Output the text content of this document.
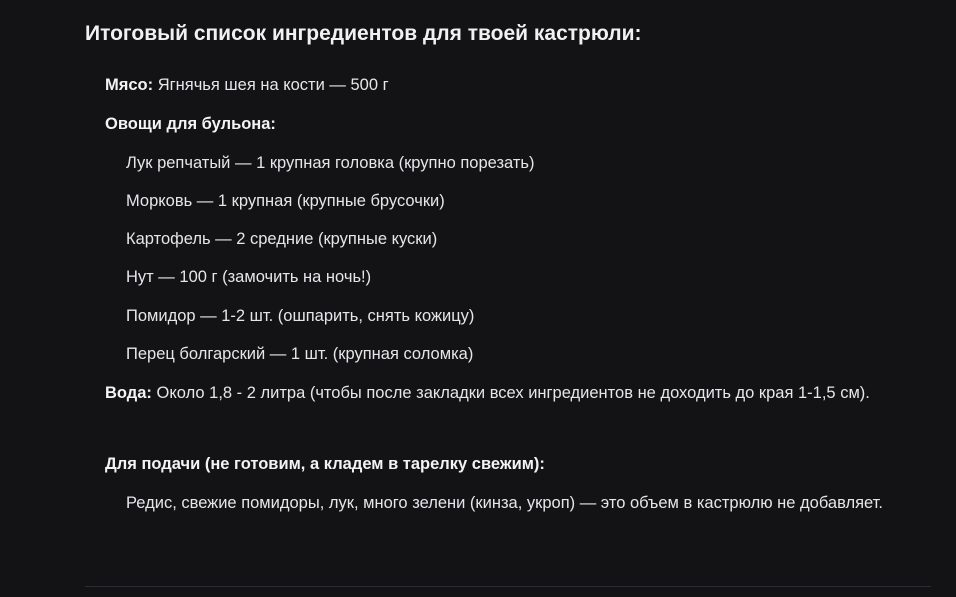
Итоговый список ингредиентов для твоей кастрюли:
Мясо: Ягнячья шея на кости — 500 г
Овощи для бульона:
Лук репчатый — 1 крупная головка (крупно порезать)
Морковь — 1 крупная (крупные брусочки)
Картофель — 2 средние (крупные куски)
Нут — 100 г (замочить на ночь!)
Помидор — 1-2 шт. (ошпарить, снять кожицу)
Перец болгарский — 1 шт. (крупная соломка)
Вода: Около 1,8 - 2 литра (чтобы после закладки всех ингредиентов не доходить до края 1-1,5 см).
Для подачи (не готовим, а кладем в тарелку свежим):
Редис, свежие помидоры, лук, много зелени (кинза, укроп) — это объем в кастрюлю не добавляет.
